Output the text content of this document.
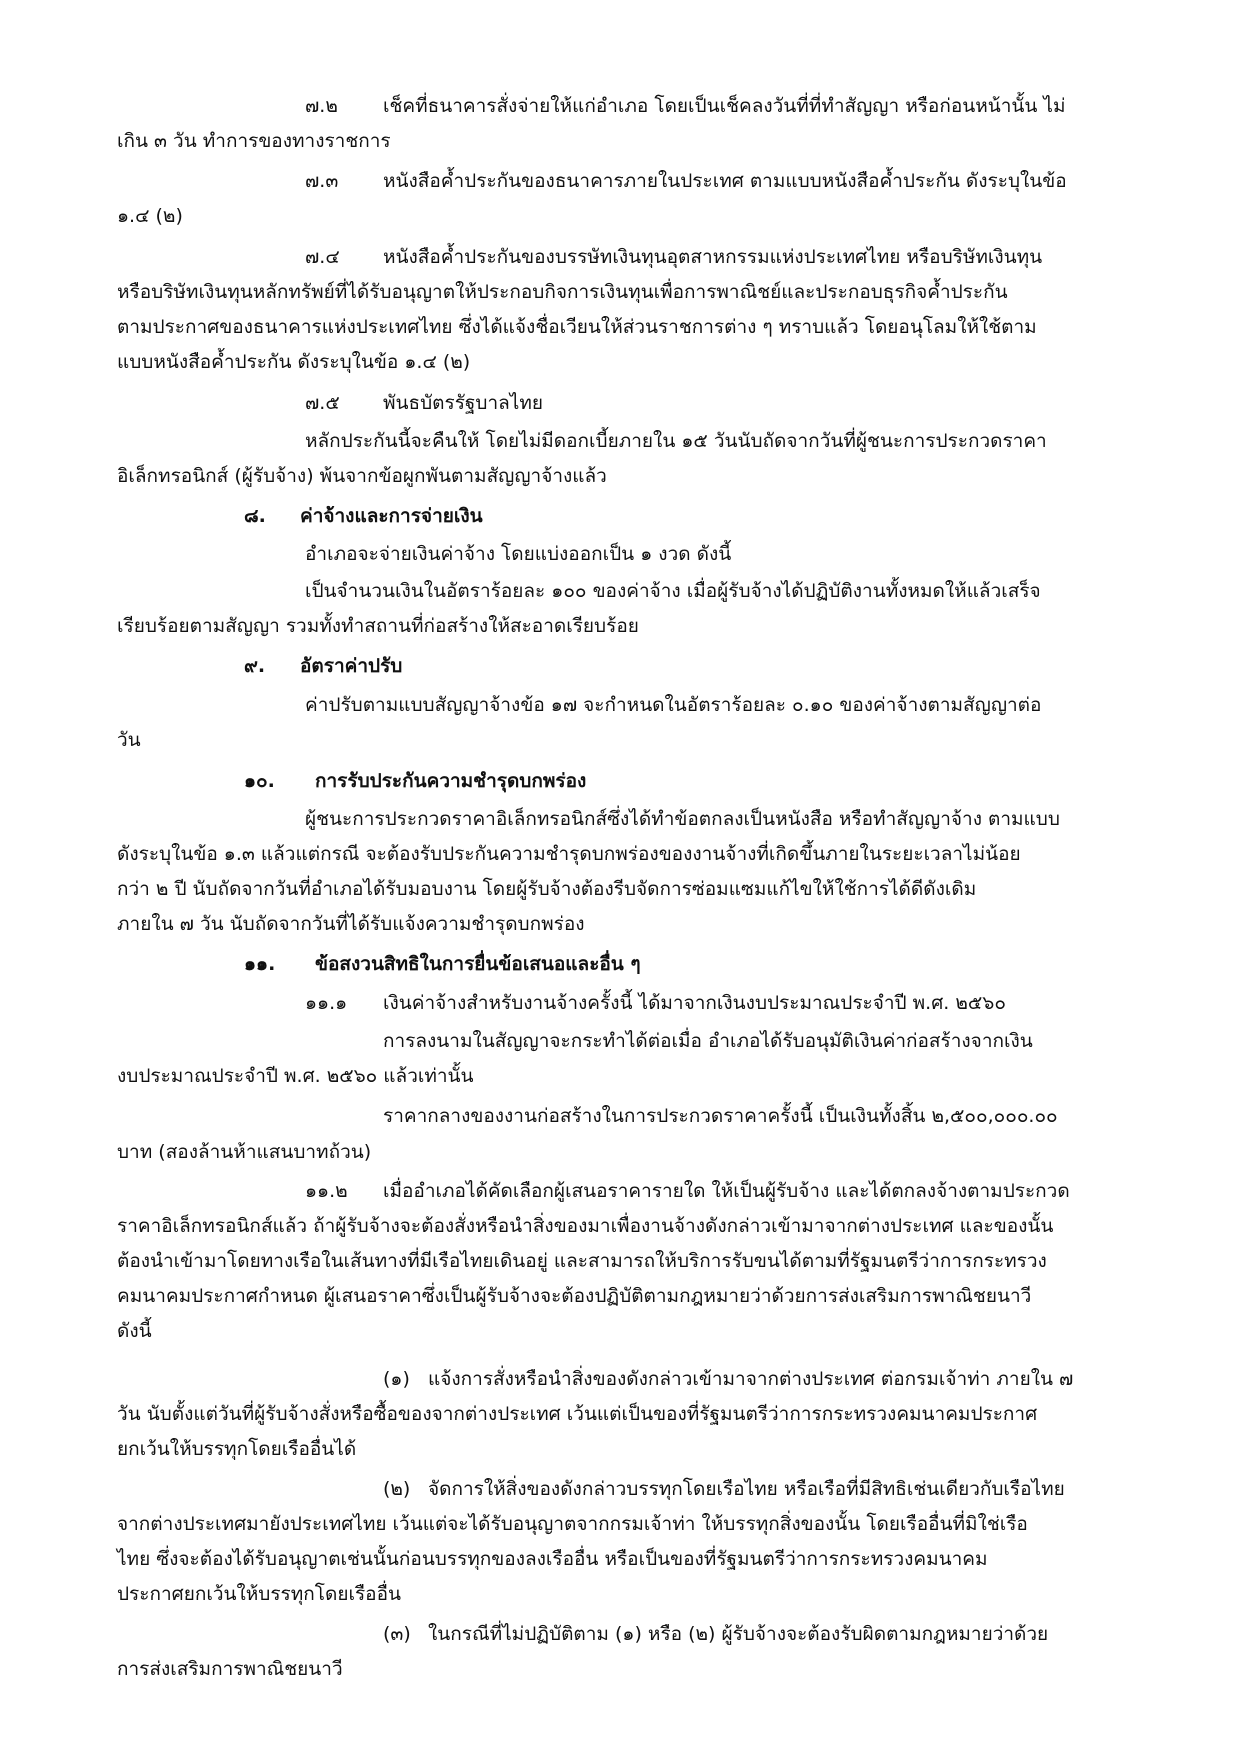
๗.๒ เช็คที่ธนาคารสั่งจ่ายให้แก่อำเภอ โดยเป็นเช็คลงวันที่ที่ทำสัญญา หรือก่อนหน้านั้น ไม่
เกิน ๓ วัน ทำการของทางราชการ
๗.๓ หนังสือค้ำประกันของธนาคารภายในประเทศ ตามแบบหนังสือค้ำประกัน ดังระบุในข้อ
๑.๔ (๒)
๗.๔ หนังสือค้ำประกันของบรรษัทเงินทุนอุตสาหกรรมแห่งประเทศไทย หรือบริษัทเงินทุน
หรือบริษัทเงินทุนหลักทรัพย์ที่ได้รับอนุญาตให้ประกอบกิจการเงินทุนเพื่อการพาณิชย์และประกอบธุรกิจค้ำประกัน
ตามประกาศของธนาคารแห่งประเทศไทย ซึ่งได้แจ้งชื่อเวียนให้ส่วนราชการต่าง ๆ ทราบแล้ว โดยอนุโลมให้ใช้ตาม
แบบหนังสือค้ำประกัน ดังระบุในข้อ ๑.๔ (๒)
๗.๕ พันธบัตรรัฐบาลไทย
หลักประกันนี้จะคืนให้ โดยไม่มีดอกเบี้ยภายใน ๑๕ วันนับถัดจากวันที่ผู้ชนะการประกวดราคา
อิเล็กทรอนิกส์ (ผู้รับจ้าง) พ้นจากข้อผูกพันตามสัญญาจ้างแล้ว
๘. ค่าจ้างและการจ่ายเงิน
อำเภอจะจ่ายเงินค่าจ้าง โดยแบ่งออกเป็น ๑ งวด ดังนี้
เป็นจำนวนเงินในอัตราร้อยละ ๑๐๐ ของค่าจ้าง เมื่อผู้รับจ้างได้ปฏิบัติงานทั้งหมดให้แล้วเสร็จ
เรียบร้อยตามสัญญา รวมทั้งทำสถานที่ก่อสร้างให้สะอาดเรียบร้อย
๙. อัตราค่าปรับ
ค่าปรับตามแบบสัญญาจ้างข้อ ๑๗ จะกำหนดในอัตราร้อยละ ๐.๑๐ ของค่าจ้างตามสัญญาต่อ
วัน
๑๐. การรับประกันความชำรุดบกพร่อง
ผู้ชนะการประกวดราคาอิเล็กทรอนิกส์ซึ่งได้ทำข้อตกลงเป็นหนังสือ หรือทำสัญญาจ้าง ตามแบบ
ดังระบุในข้อ ๑.๓ แล้วแต่กรณี จะต้องรับประกันความชำรุดบกพร่องของงานจ้างที่เกิดขึ้นภายในระยะเวลาไม่น้อย
กว่า ๒ ปี นับถัดจากวันที่อำเภอได้รับมอบงาน โดยผู้รับจ้างต้องรีบจัดการซ่อมแซมแก้ไขให้ใช้การได้ดีดังเดิม
ภายใน ๗ วัน นับถัดจากวันที่ได้รับแจ้งความชำรุดบกพร่อง
๑๑. ข้อสงวนสิทธิในการยื่นข้อเสนอและอื่น ๆ
๑๑.๑ เงินค่าจ้างสำหรับงานจ้างครั้งนี้ ได้มาจากเงินงบประมาณประจำปี พ.ศ. ๒๕๖๐
การลงนามในสัญญาจะกระทำได้ต่อเมื่อ อำเภอได้รับอนุมัติเงินค่าก่อสร้างจากเงิน
งบประมาณประจำปี พ.ศ. ๒๕๖๐ แล้วเท่านั้น
ราคากลางของงานก่อสร้างในการประกวดราคาครั้งนี้ เป็นเงินทั้งสิ้น ๒,๕๐๐,๐๐๐.๐๐
บาท (สองล้านห้าแสนบาทถ้วน)
๑๑.๒ เมื่ออำเภอได้คัดเลือกผู้เสนอราคารายใด ให้เป็นผู้รับจ้าง และได้ตกลงจ้างตามประกวด
ราคาอิเล็กทรอนิกส์แล้ว ถ้าผู้รับจ้างจะต้องสั่งหรือนำสิ่งของมาเพื่องานจ้างดังกล่าวเข้ามาจากต่างประเทศ และของนั้น
ต้องนำเข้ามาโดยทางเรือในเส้นทางที่มีเรือไทยเดินอยู่ และสามารถให้บริการรับขนได้ตามที่รัฐมนตรีว่าการกระทรวง
คมนาคมประกาศกำหนด ผู้เสนอราคาซึ่งเป็นผู้รับจ้างจะต้องปฏิบัติตามกฎหมายว่าด้วยการส่งเสริมการพาณิชยนาวี
ดังนี้
(๑) แจ้งการสั่งหรือนำสิ่งของดังกล่าวเข้ามาจากต่างประเทศ ต่อกรมเจ้าท่า ภายใน ๗
วัน นับตั้งแต่วันที่ผู้รับจ้างสั่งหรือซื้อของจากต่างประเทศ เว้นแต่เป็นของที่รัฐมนตรีว่าการกระทรวงคมนาคมประกาศ
ยกเว้นให้บรรทุกโดยเรืออื่นได้
(๒) จัดการให้สิ่งของดังกล่าวบรรทุกโดยเรือไทย หรือเรือที่มีสิทธิเช่นเดียวกับเรือไทย
จากต่างประเทศมายังประเทศไทย เว้นแต่จะได้รับอนุญาตจากกรมเจ้าท่า ให้บรรทุกสิ่งของนั้น โดยเรืออื่นที่มิใช่เรือ
ไทย ซึ่งจะต้องได้รับอนุญาตเช่นนั้นก่อนบรรทุกของลงเรืออื่น หรือเป็นของที่รัฐมนตรีว่าการกระทรวงคมนาคม
ประกาศยกเว้นให้บรรทุกโดยเรืออื่น
(๓) ในกรณีที่ไม่ปฏิบัติตาม (๑) หรือ (๒) ผู้รับจ้างจะต้องรับผิดตามกฎหมายว่าด้วย
การส่งเสริมการพาณิชยนาวี
